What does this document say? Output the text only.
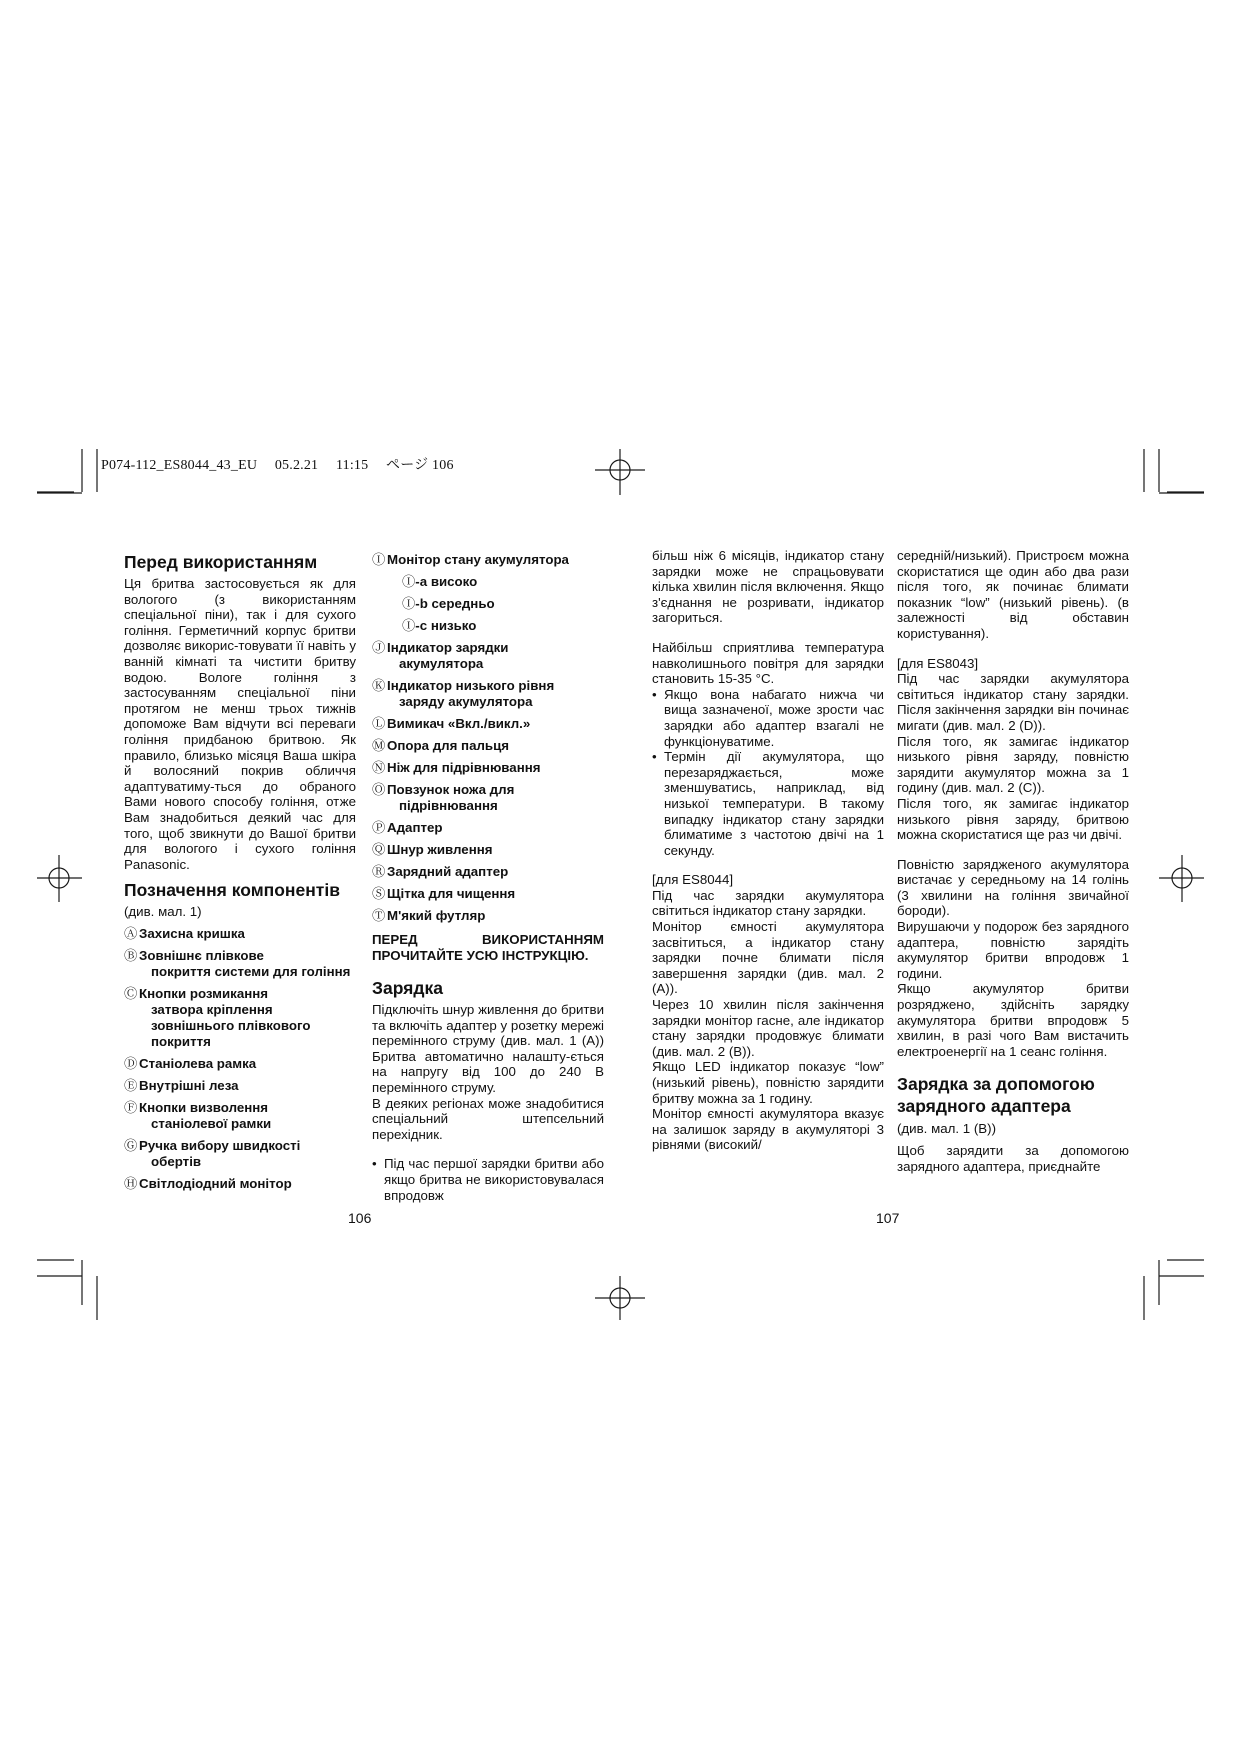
P074-112_ES8044_43_EU 05.2.21 11:15 ページ 106
Перед використанням

Ця бритва застосовується як для вологого (з використанням спеціальної піни), так і для сухого гоління. Герметичний корпус бритви дозволяє викорис-товувати її навіть у ванній кімнаті та чистити бритву водою. Вологе гоління з застосуванням спеціальної піни протягом не менш трьох тижнів допоможе Вам відчути всі переваги гоління придбаною бритвою. Як правило, близько місяця Ваша шкіра й волосяний покрив обличчя адаптуватиму-ться до обраного Вами нового способу гоління, отже Вам знадобиться деякий час для того, щоб звикнути до Вашої бритви для вологого і сухого гоління Panasonic.

Позначення компонентів
(див. мал. 1)
Ⓐ Захисна кришка
Ⓑ Зовнішнє плівкове
покриття системи для гоління
Ⓒ Кнопки розмикання
затвора кріплення зовнішнього плівкового покриття
Ⓓ Станіолева рамка
Ⓔ Внутрішні леза
Ⓕ Кнопки визволення
станіолевої рамки
Ⓖ Ручка вибору швидкості
обертів
ⒽСвітлодіодний монітор
Ⓘ Монітор стану акумулятора
Ⓘ-a високо
Ⓘ-b середньо
Ⓘ-c низько
Ⓙ Індикатор зарядки
акумулятора
Ⓚ Індикатор низького рівня
заряду акумулятора
Ⓛ Вимикач «Вкл./викл.»
Ⓜ Опора для пальця
Ⓝ Ніж для підрівнювання
Ⓞ Повзунок ножа для
підрівнювання
Ⓟ Адаптер
Ⓠ Шнур живлення
Ⓡ Зарядний адаптер
Ⓢ Щітка для чищення
Ⓣ М'який футляр
ПЕРЕД	ВИКОРИСТАННЯМ
ПРОЧИТАЙТЕ УСЮ ІНСТРУКЦІЮ.
Зарядка

Підключіть шнур живлення до бритви та включіть адаптер у розетку мережі перемінного струму (див. мал. 1 (A)) Бритва автоматично налашту-ється на напругу від 100 до 240 В перемінного струму.

В деяких регіонах може знадобитися спеціальний штепсельний перехідник.

• Під час першої зарядки бритви або якщо бритва не використовувалася впродовж
106

більш ніж 6 місяців, індикатор стану зарядки може не спрацьовувати кілька хвилин після включення. Якщо з'єднання не розривати, індикатор загориться.

Найбільш сприятлива температура навколишнього повітря для зарядки становить 15-35 °C.

• Якщо вона набагато нижча чи вища зазначеної, може зрости час зарядки або адаптер взагалі не функціонуватиме.
• Термін дії акумулятора, що перезаряджається, може зменшуватись, наприклад, від низької температури. В такому випадку індикатор стану зарядки блиматиме з частотою двічі на 1 секунду.

[для ES8044]

Під час зарядки акумулятора світиться індикатор стану зарядки.

Монітор ємності акумулятора засвітиться, а індикатор стану зарядки почне блимати після завершення зарядки (див. мал. 2 (A)).

Через 10 хвилин після закінчення зарядки монітор гасне, але індикатор стану зарядки продовжує блимати (див. мал. 2 (B)).

Якщо LED індикатор показує “low” (низький рівень), повністю зарядити бритву можна за 1 годину.

Монітор ємності акумулятора вказує на залишок заряду в акумуляторі 3 рівнями (високий/

середній/низький). Пристроєм можна скористатися ще один або два рази після того, як починає блимати показник “low” (низький рівень). (в залежності від обставин користування).

[для ES8043]

Під час зарядки акумулятора світиться індикатор стану зарядки. Після закінчення зарядки він починає мигати (див. мал. 2 (D)).

Після того, як замигає індикатор низького рівня заряду, повністю зарядити акумулятор можна за 1 годину (див. мал. 2 (C)).

Після того, як замигає індикатор низького рівня заряду, бритвою можна скористатися ще раз чи двічі.

Повністю зарядженого акумулятора вистачає у середньому на 14 голінь (3 хвилини на гоління звичайної бороди).

Вирушаючи у подорож без зарядного адаптера, повністю зарядіть акумулятор бритви впродовж 1 години.

Якщо акумулятор бритви розряджено, здійсніть зарядку акумулятора бритви впродовж 5 хвилин, в разі чого Вам вистачить електроенергії на 1 сеанс гоління.

Зарядка за допомогою зарядного адаптера
(див. мал. 1 (B))

Щоб зарядити за допомогою зарядного адаптера, приєднайте

107
